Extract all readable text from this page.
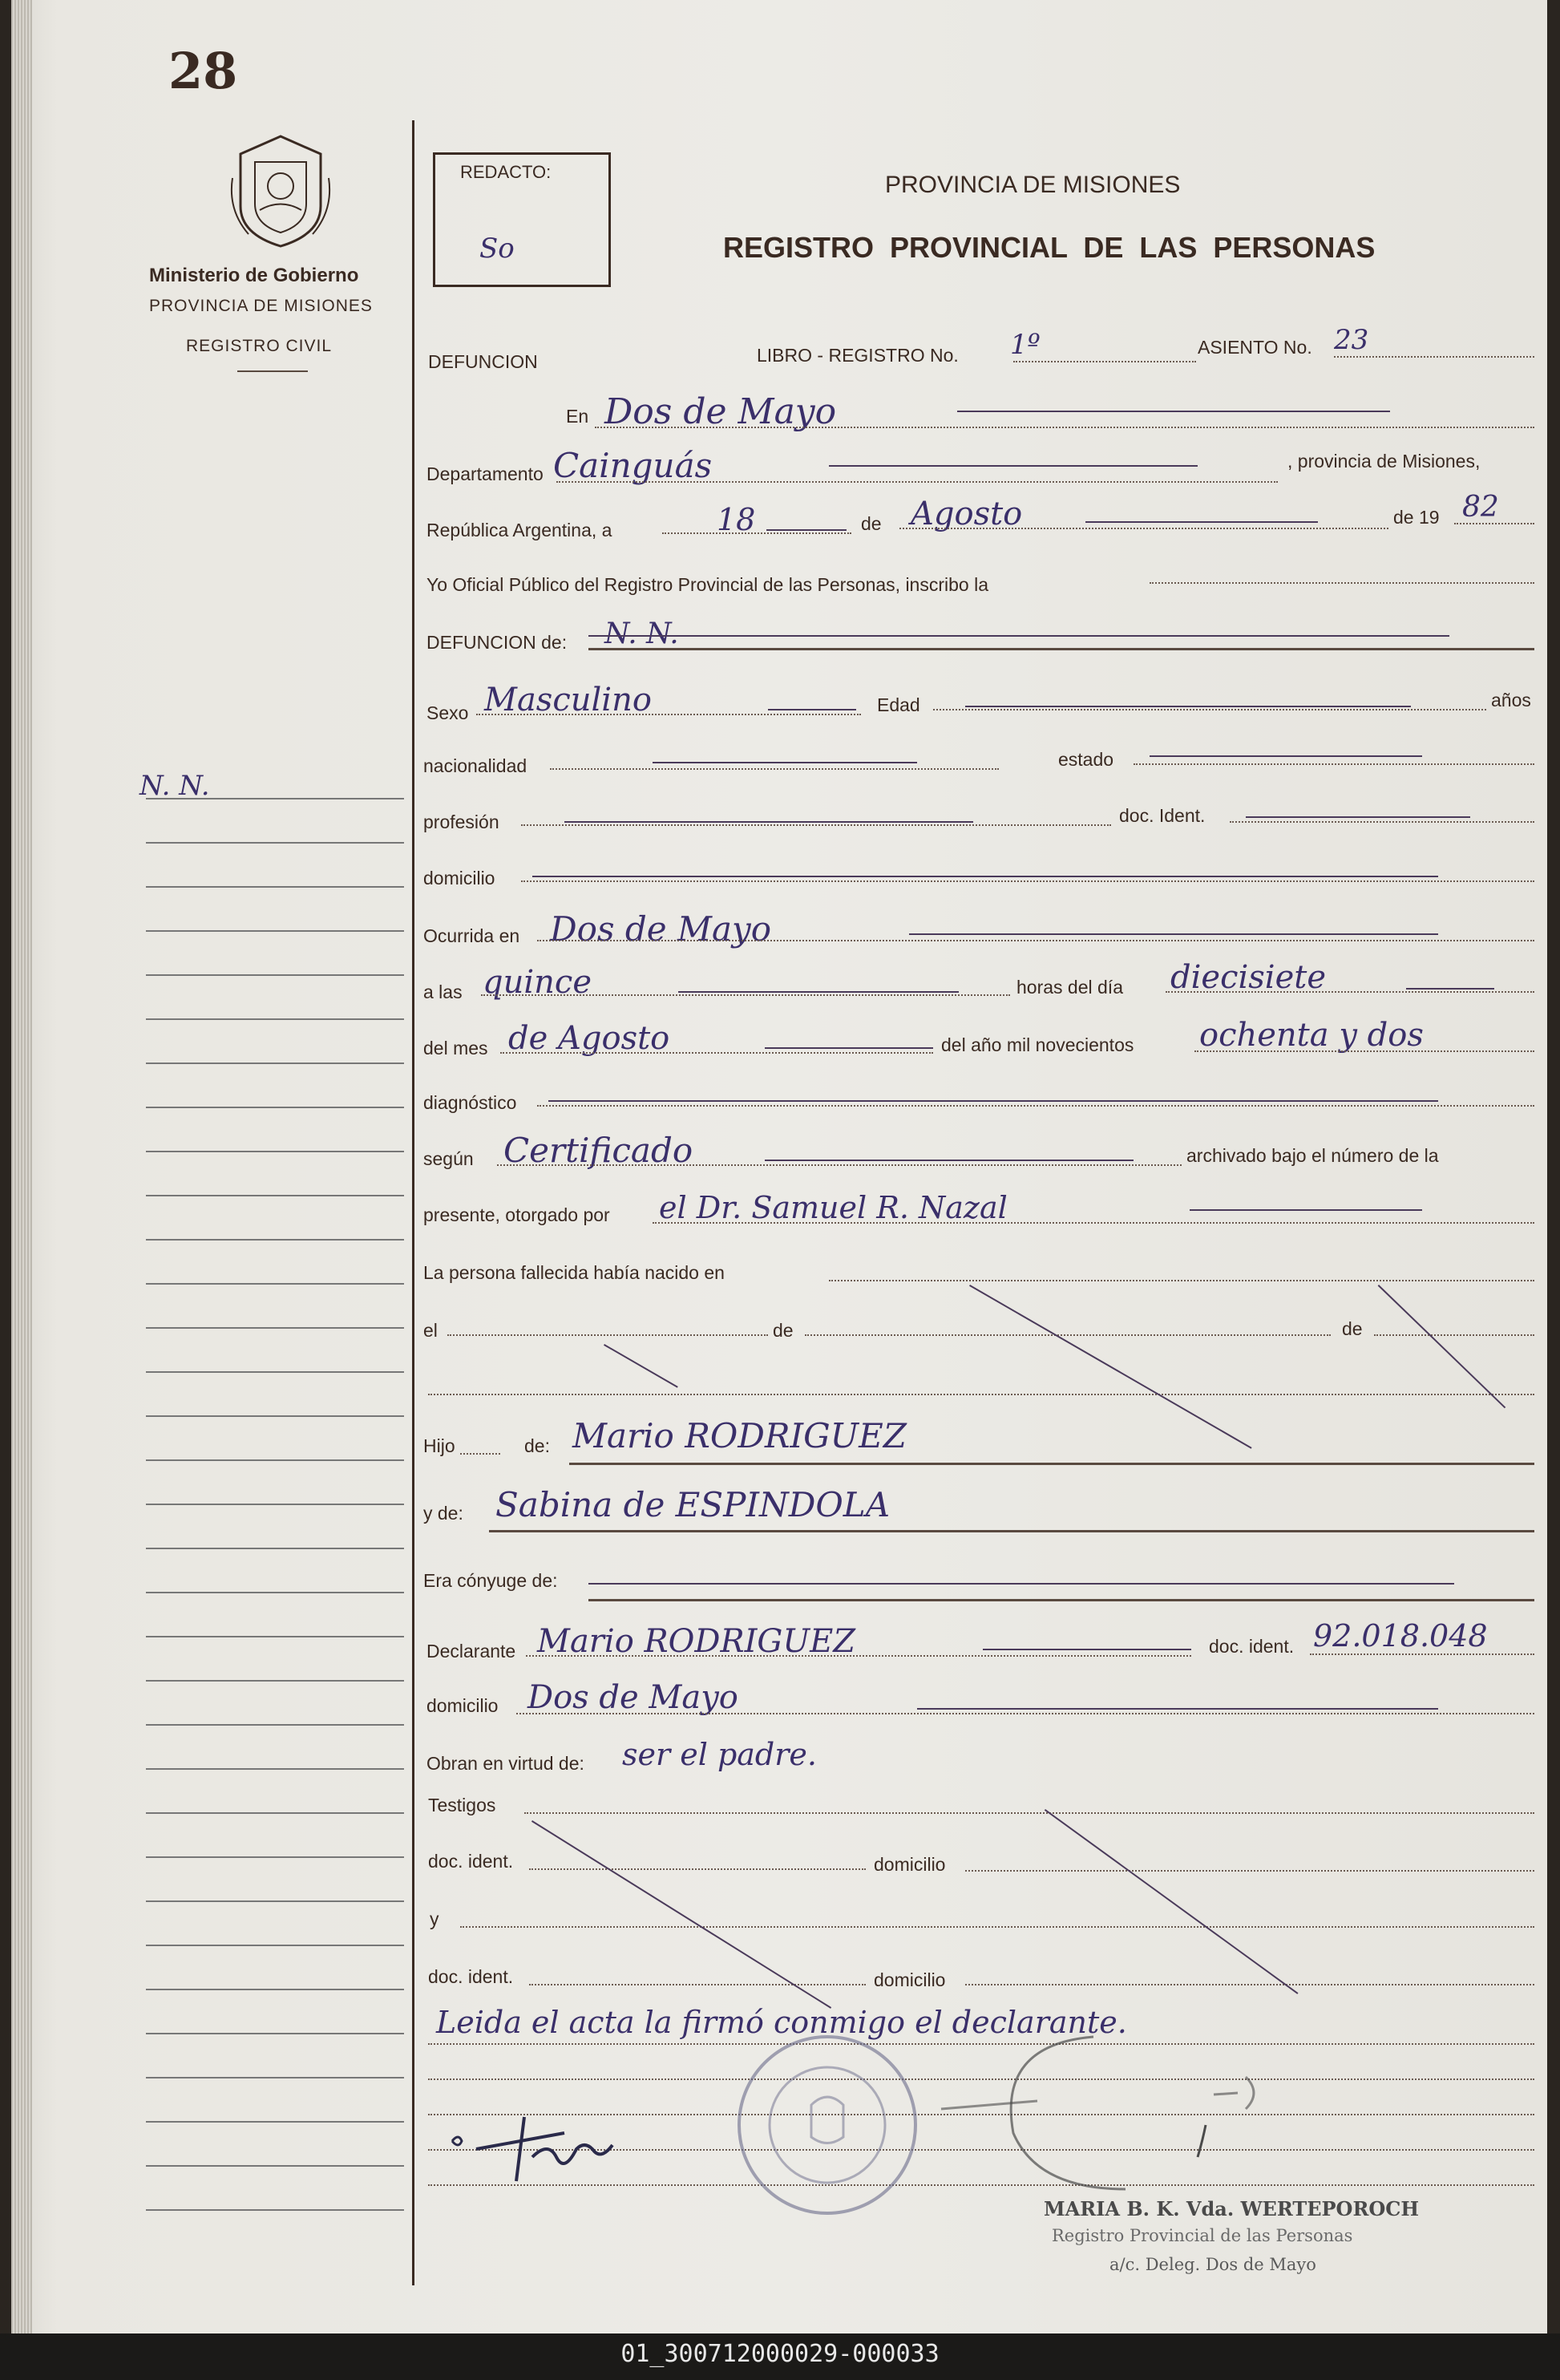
28
Ministerio de Gobierno
PROVINCIA DE MISIONES
REGISTRO CIVIL
N. N.
REDACTO:
So
PROVINCIA DE MISIONES
REGISTRO PROVINCIAL DE LAS PERSONAS
DEFUNCION	LIBRO - REGISTRO No. 1º	ASIENTO No. 23
En Dos de Mayo
Departamento Cainguás	, provincia de Misiones,
República Argentina, a	18	de Agosto	de 19 82
Yo Oficial Público del Registro Provincial de las Personas, inscribo la
DEFUNCION de: N. N.
Sexo Masculino	Edad	años
nacionalidad	estado
profesión	doc. Ident.
domicilio
Ocurrida en Dos de Mayo
a las quince	horas del día diecisiete
del mes de Agosto	del año mil novecientos ochenta y dos
diagnóstico
según Certificado	archivado bajo el número de la
presente, otorgado por el Dr. Samuel R. Nazal
La persona fallecida había nacido en
el	de	de
Hijo	de: Mario RODRIGUEZ
y de: Sabina de ESPINDOLA
Era cónyuge de:
Declarante Mario RODRIGUEZ	doc. ident. 92.018.048
domicilio Dos de Mayo
Obran en virtud de: ser el padre.
Testigos
doc. ident.	domicilio
y
doc. ident.	domicilio
Leida el acta la firmó conmigo el declarante.
MARIA B. K. Vda. WERTEPOROCH
Registro Provincial de las Personas
a/c. Deleg. Dos de Mayo
01_300712000029-000033
